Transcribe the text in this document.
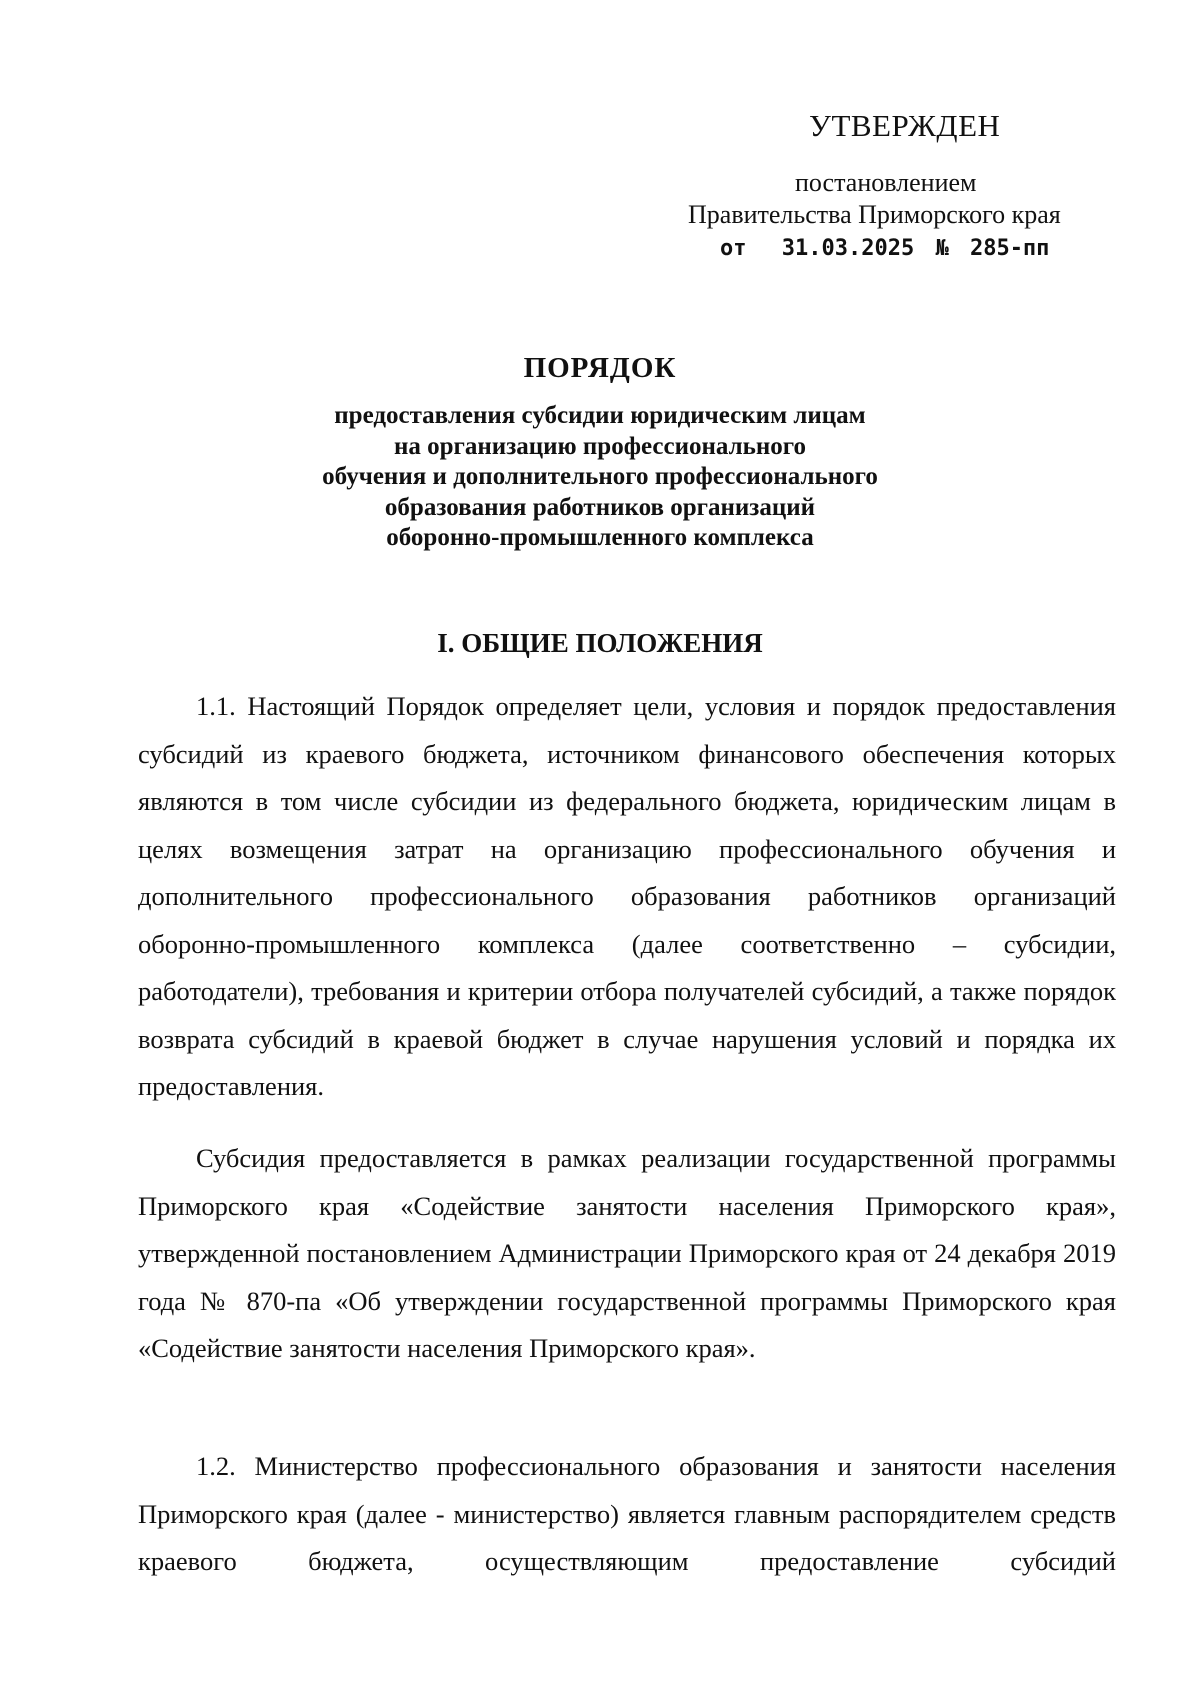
УТВЕРЖДЕН
постановлением
Правительства Приморского края
от 31.03.2025 № 285-пп
ПОРЯДОК
предоставления субсидии юридическим лицам
на организацию профессионального
обучения и дополнительного профессионального
образования работников организаций
оборонно-промышленного комплекса
I. ОБЩИЕ ПОЛОЖЕНИЯ

1.1. Настоящий Порядок определяет цели, условия и порядок предоставления субсидий из краевого бюджета, источником финансового обеспечения которых являются в том числе субсидии из федерального бюджета, юридическим лицам в целях возмещения затрат на организацию профессионального обучения и дополнительного профессионального образования работников организаций оборонно-промышленного комплекса (далее соответственно – субсидии, работодатели), требования и критерии отбора получателей субсидий, а также порядок возврата субсидий в краевой бюджет в случае нарушения условий и порядка их предоставления.

Субсидия предоставляется в рамках реализации государственной программы Приморского края «Содействие занятости населения Приморского края», утвержденной постановлением Администрации Приморского края от 24 декабря 2019 года № 870-па «Об утверждении государственной программы Приморского края «Содействие занятости населения Приморского края».

1.2. Министерство профессионального образования и занятости населения Приморского края (далее - министерство) является главным распорядителем средств краевого бюджета, осуществляющим предоставление субсидий
